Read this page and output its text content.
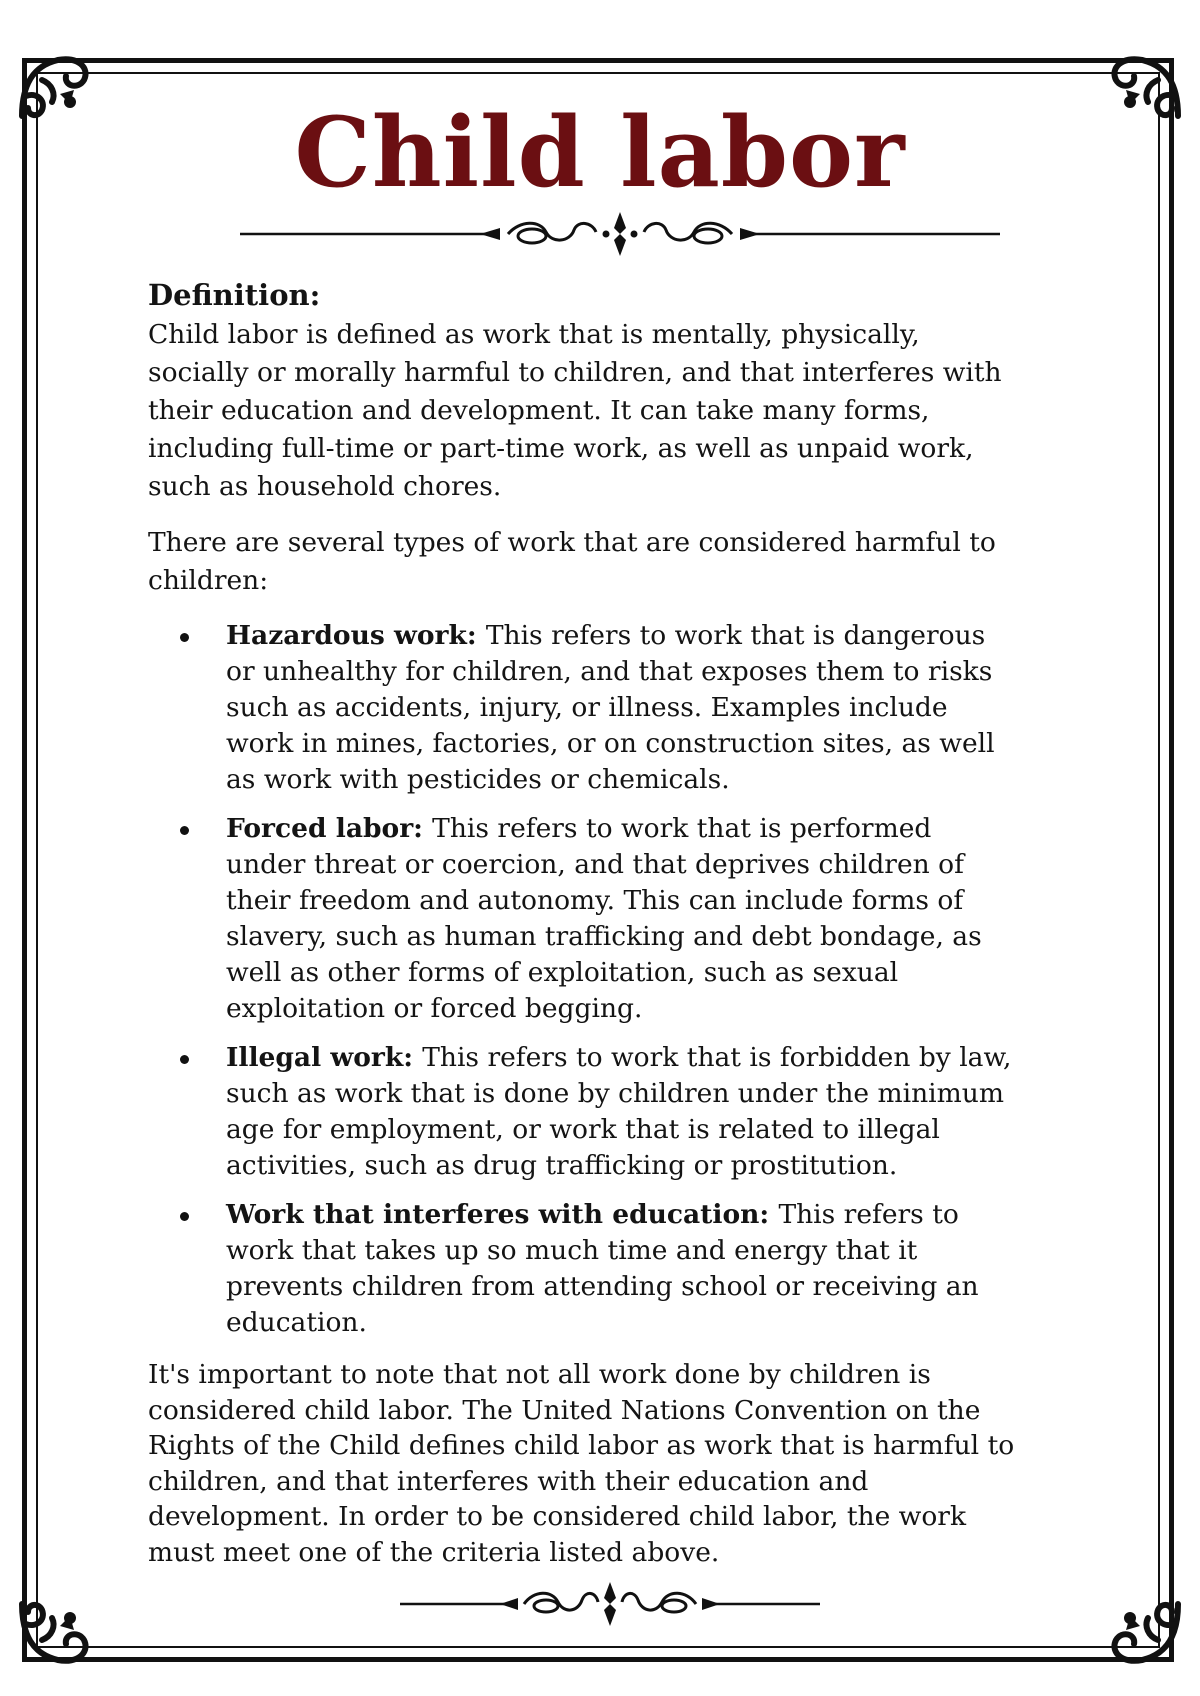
Child labor
Definition:

Child labor is defined as work that is mentally, physically, socially or morally harmful to children, and that interferes with their education and development. It can take many forms, including full-time or part-time work, as well as unpaid work, such as household chores.

There are several types of work that are considered harmful to children:

Hazardous work: This refers to work that is dangerous or unhealthy for children, and that exposes them to risks such as accidents, injury, or illness. Examples include work in mines, factories, or on construction sites, as well as work with pesticides or chemicals.
Forced labor: This refers to work that is performed under threat or coercion, and that deprives children of their freedom and autonomy. This can include forms of slavery, such as human trafficking and debt bondage, as well as other forms of exploitation, such as sexual exploitation or forced begging.
Illegal work: This refers to work that is forbidden by law, such as work that is done by children under the minimum age for employment, or work that is related to illegal activities, such as drug trafficking or prostitution.
Work that interferes with education: This refers to work that takes up so much time and energy that it prevents children from attending school or receiving an education.

It's important to note that not all work done by children is considered child labor. The United Nations Convention on the Rights of the Child defines child labor as work that is harmful to children, and that interferes with their education and development. In order to be considered child labor, the work must meet one of the criteria listed above.
